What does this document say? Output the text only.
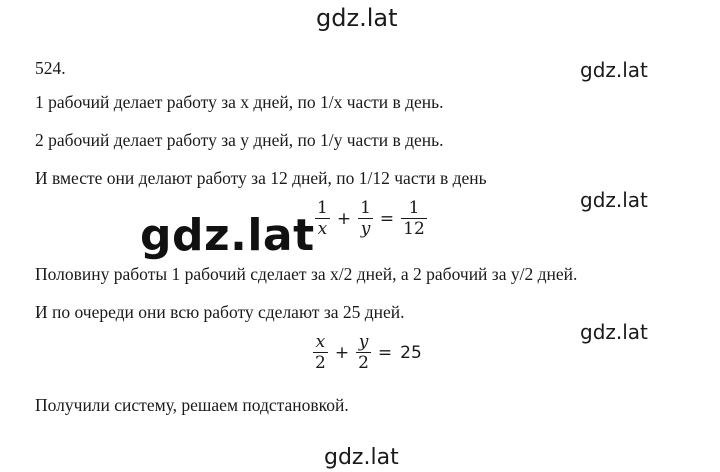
gdz.lat
gdz.lat
gdz.lat
gdz.lat
gdz.lat
gdz.lat
524.
1 рабочий делает работу за x дней, по 1/x части в день.
2 рабочий делает работу за y дней, по 1/y части в день.
И вместе они делают работу за 12 дней, по 1/12 части в день
$\frac{1}{x} + \frac{1}{y} = \frac{1}{12}$
Половину работы 1 рабочий сделает за x/2 дней, а 2 рабочий за y/2 дней.
И по очереди они всю работу сделают за 25 дней.
$\frac{x}{2} + \frac{y}{2} = 25$
Получили систему, решаем подстановкой.
